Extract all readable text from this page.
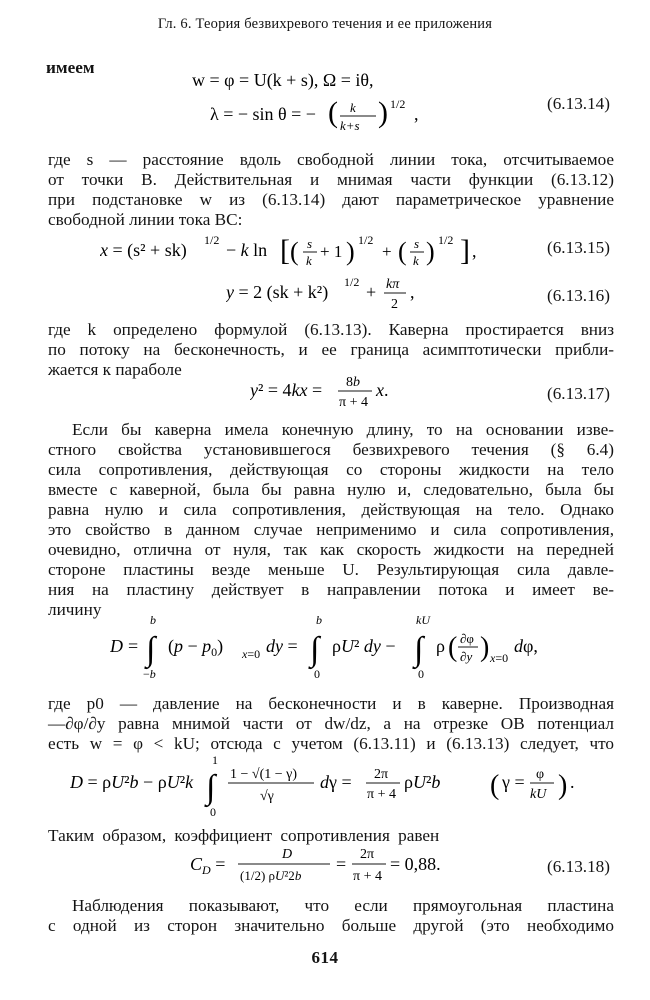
Гл. 6. Теория безвихревого течения и ее приложения
имеем
w = φ = U(k + s), Ω = iθ,
λ = − sin θ = − ( k
k+s ) 1/2 ,
(6.13.14)
где s — расстояние вдоль свободной линии тока, отсчитываемое
от точки B. Действительная и мнимая части функции (6.13.12)
при подстановке w из (6.13.14) дают параметрическое уравнение
свободной линии тока BC:
x = (s² + sk) 1/2 − k ln [ ( s
k + 1 ) 1/2
+ ( s
k ) 1/2 ] ,	(6.13.15)
y = 2 (sk + k²) 1/2 + kπ
2
,	(6.13.16)
где k определено формулой (6.13.13). Каверна простирается вниз
по потоку на бесконечность, и ее граница асимптотически прибли-
жается к параболе
y² = 4kx = 8b
π + 4
x.	(6.13.17)
Если бы каверна имела конечную длину, то на основании изве-
стного свойства установившегося безвихревого течения (§ 6.4)
сила сопротивления, действующая со стороны жидкости на тело
вместе с каверной, была бы равна нулю и, следовательно, была бы
равна нулю и сила сопротивления, действующая на тело. Однако
это свойство в данном случае неприменимо и сила сопротивления,
очевидно, отлична от нуля, так как скорость жидкости на передней
стороне пластины везде меньше U. Результирующая сила давле-
ния на пластину действует в направлении потока и имеет ве-
личину
D =
b
∫
−b
$(p - p_0)$ x=0 dy =
b
∫
0
ρU² dy −
kU
∫
0
ρ ( ∂φ
∂y ) x=0
dφ,
где p0 — давление на бесконечности и в каверне. Производная
—∂φ/∂y равна мнимой части от dw/dz, а на отрезке OB потенциал
есть w = φ < kU; отсюда с учетом (6.13.11) и (6.13.13) следует, что
D = ρU²b − ρU²k
1
∫
0
1 − √(1 − γ)
√γ
dγ = 2π
π + 4
ρU²b ( γ = φ
kU ) .
Таким образом, коэффициент сопротивления равен
$C_D$ =	D
(1/2) ρU²2b
= 2π
π + 4
= 0,88.	(6.13.18)
Наблюдения показывают, что если прямоугольная пластина
с одной из сторон значительно больше другой (это необходимо
614
